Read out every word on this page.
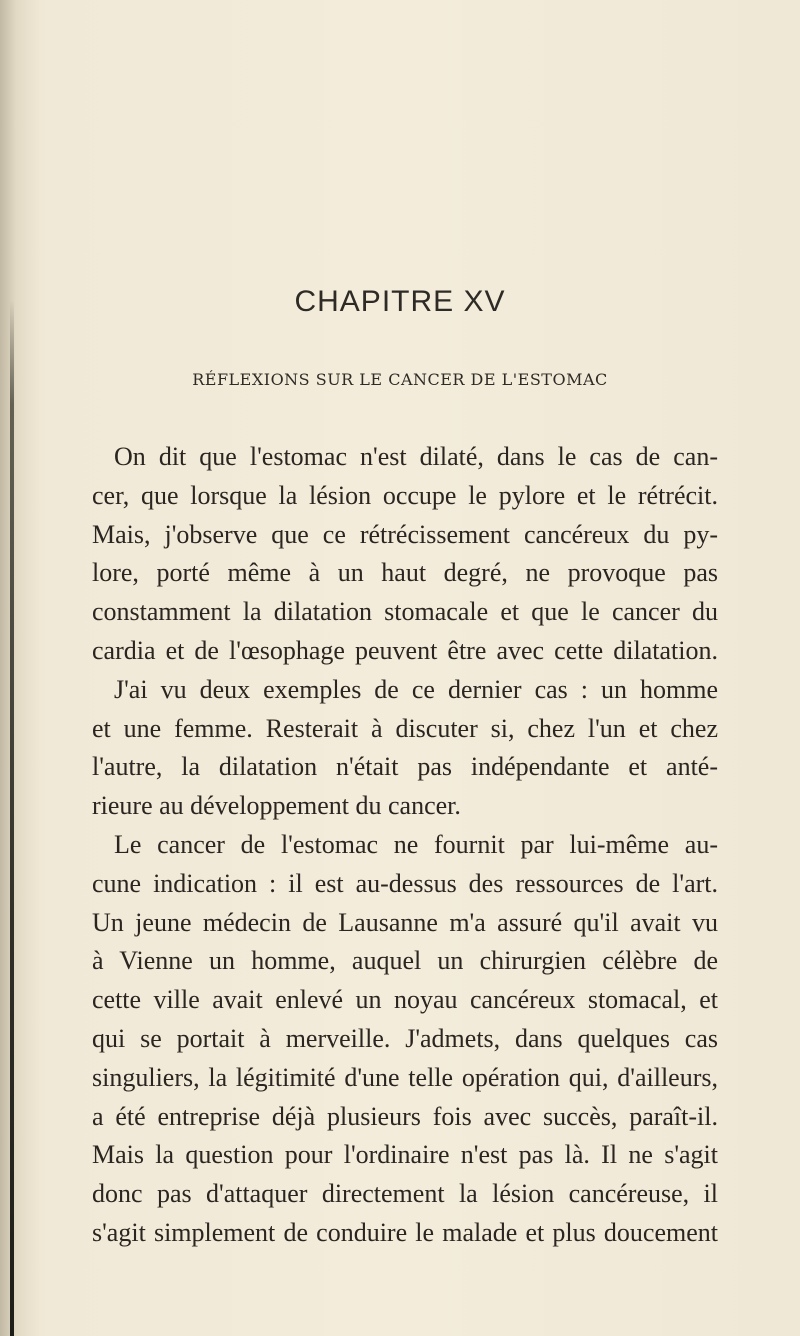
CHAPITRE XV
RÉFLEXIONS SUR LE CANCER DE L'ESTOMAC
On dit que l'estomac n'est dilaté, dans le cas de can-
cer, que lorsque la lésion occupe le pylore et le rétrécit.
Mais, j'observe que ce rétrécissement cancéreux du py-
lore, porté même à un haut degré, ne provoque pas
constamment la dilatation stomacale et que le cancer du
cardia et de l'œsophage peuvent être avec cette dilatation.
J'ai vu deux exemples de ce dernier cas : un homme
et une femme. Resterait à discuter si, chez l'un et chez
l'autre, la dilatation n'était pas indépendante et anté-
rieure au développement du cancer.
Le cancer de l'estomac ne fournit par lui-même au-
cune indication : il est au-dessus des ressources de l'art.
Un jeune médecin de Lausanne m'a assuré qu'il avait vu
à Vienne un homme, auquel un chirurgien célèbre de
cette ville avait enlevé un noyau cancéreux stomacal, et
qui se portait à merveille. J'admets, dans quelques cas
singuliers, la légitimité d'une telle opération qui, d'ailleurs,
a été entreprise déjà plusieurs fois avec succès, paraît-il.
Mais la question pour l'ordinaire n'est pas là. Il ne s'agit
donc pas d'attaquer directement la lésion cancéreuse, il
s'agit simplement de conduire le malade et plus doucement
